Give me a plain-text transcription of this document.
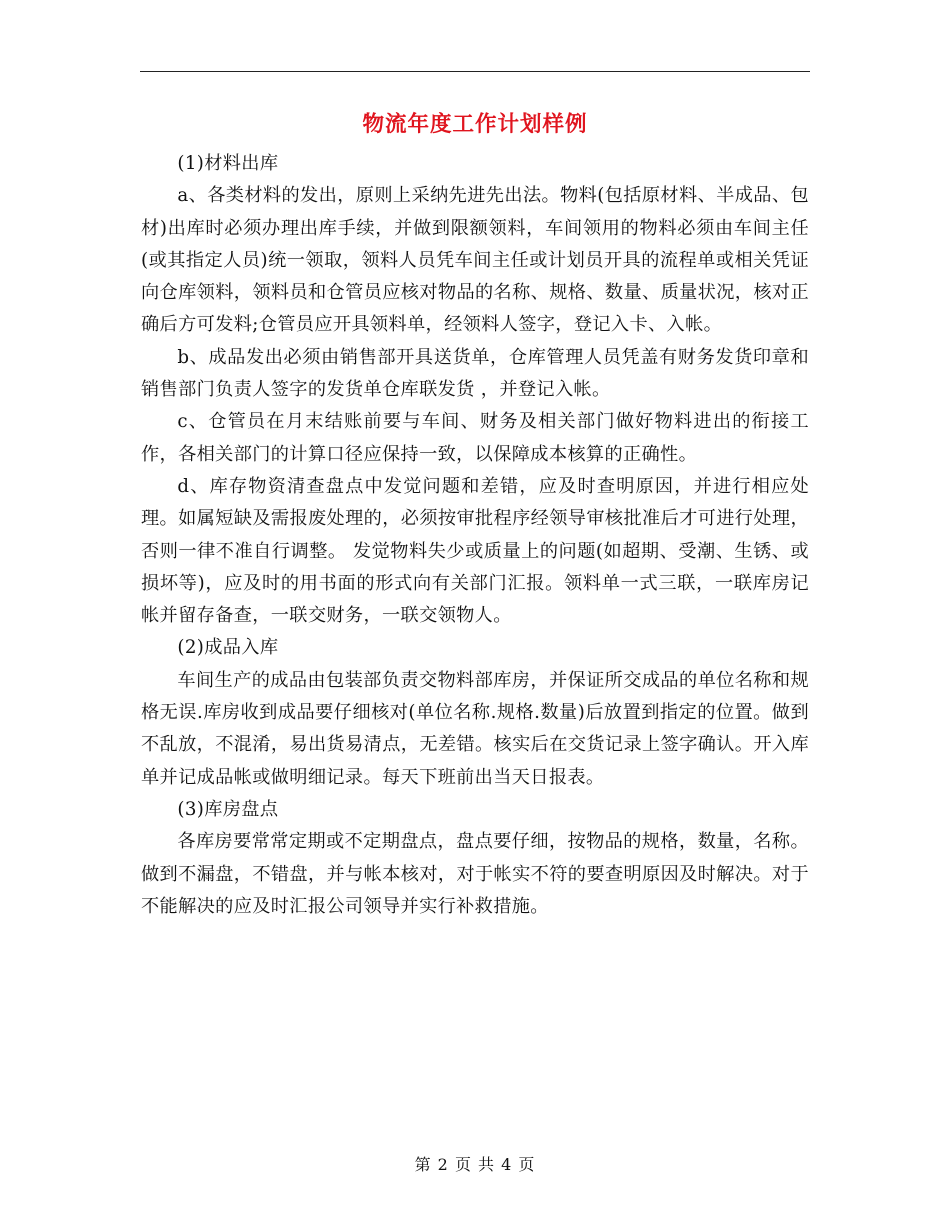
物流年度工作计划样例

(1)材料出库

a、各类材料的发出，原则上采纳先进先出法。物料(包括原材料、半成品、包材)出库时必须办理出库手续，并做到限额领料，车间领用的物料必须由车间主任(或其指定人员)统一领取，领料人员凭车间主任或计划员开具的流程单或相关凭证向仓库领料，领料员和仓管员应核对物品的名称、规格、数量、质量状况，核对正确后方可发料;仓管员应开具领料单，经领料人签字，登记入卡、入帐。

b、成品发出必须由销售部开具送货单，仓库管理人员凭盖有财务发货印章和销售部门负责人签字的发货单仓库联发货 ，并登记入帐。

c、仓管员在月末结账前要与车间、财务及相关部门做好物料进出的衔接工作，各相关部门的计算口径应保持一致，以保障成本核算的正确性。

d、库存物资清查盘点中发觉问题和差错，应及时查明原因，并进行相应处理。如属短缺及需报废处理的，必须按审批程序经领导审核批准后才可进行处理，否则一律不准自行调整。 发觉物料失少或质量上的问题(如超期、受潮、生锈、或损坏等)，应及时的用书面的形式向有关部门汇报。领料单一式三联，一联库房记帐并留存备查，一联交财务，一联交领物人。

(2)成品入库

车间生产的成品由包装部负责交物料部库房，并保证所交成品的单位名称和规格无误.库房收到成品要仔细核对(单位名称.规格.数量)后放置到指定的位置。做到不乱放，不混淆，易出货易清点，无差错。核实后在交货记录上签字确认。开入库单并记成品帐或做明细记录。每天下班前出当天日报表。

(3)库房盘点

各库房要常常定期或不定期盘点，盘点要仔细，按物品的规格，数量，名称。做到不漏盘，不错盘，并与帐本核对，对于帐实不符的要查明原因及时解决。对于不能解决的应及时汇报公司领导并实行补救措施。

第 2 页 共 4 页
